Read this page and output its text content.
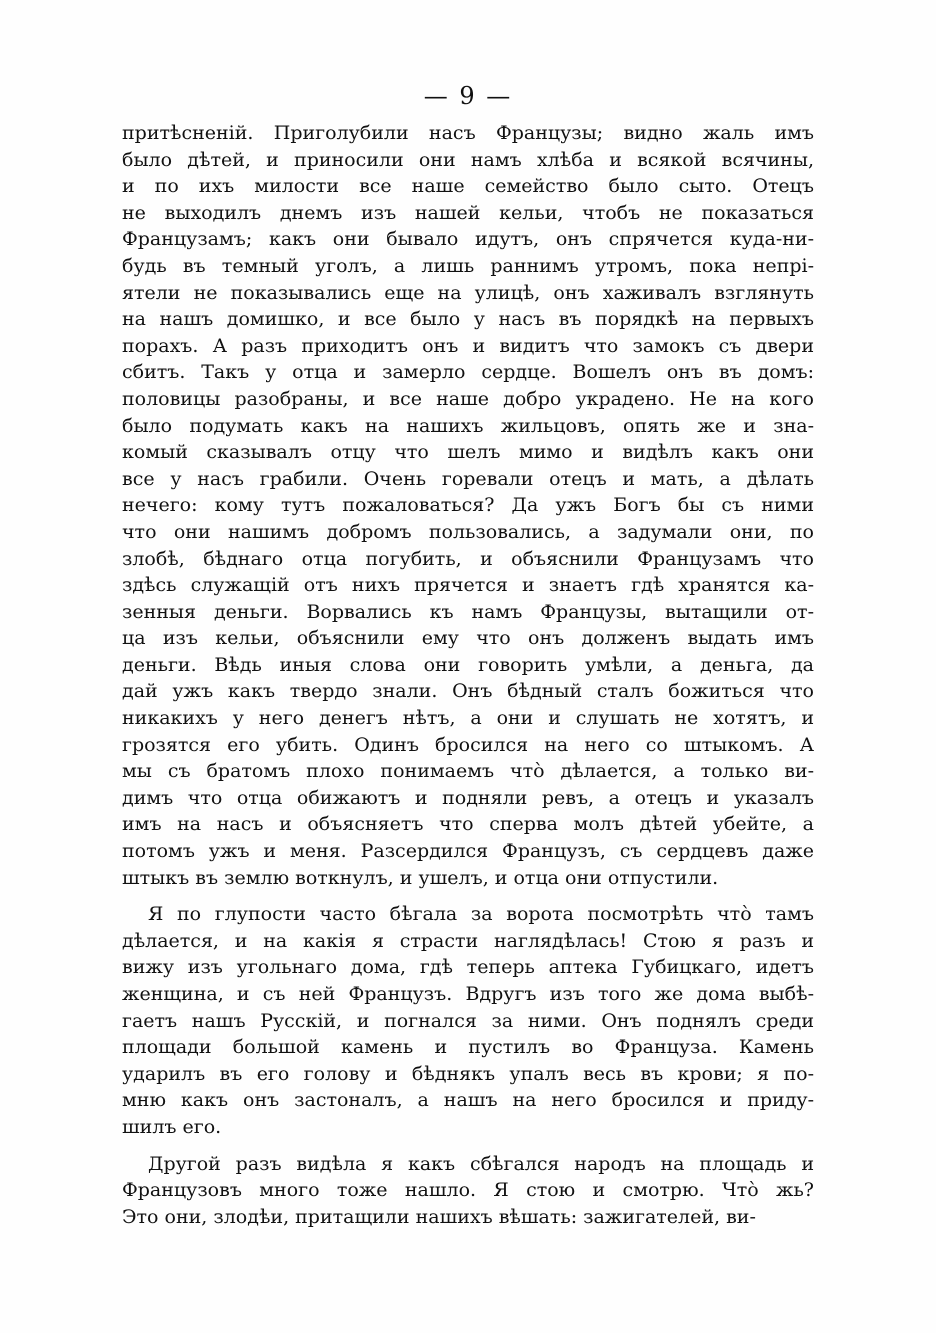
— 9 —
притѣсненій. Приголубили насъ Французы; видно жаль имъ
было дѣтей, и приносили они намъ хлѣба и всякой всячины,
и по ихъ милости все наше семейство было сыто. Отецъ
не выходилъ днемъ изъ нашей кельи, чтобъ не показаться
Французамъ; какъ они бывало идутъ, онъ спрячется куда-ни-
будь въ темный уголъ, а лишь раннимъ утромъ, пока непрі-
ятели не показывались еще на улицѣ, онъ хаживалъ взглянуть
на нашъ домишко, и все было у насъ въ порядкѣ на первыхъ
порахъ. А разъ приходитъ онъ и видитъ что замокъ съ двери
сбитъ. Такъ у отца и замерло сердце. Вошелъ онъ въ домъ:
половицы разобраны, и все наше добро украдено. Не на кого
было подумать какъ на нашихъ жильцовъ, опять же и зна-
комый сказывалъ отцу что шелъ мимо и видѣлъ какъ они
все у насъ грабили. Очень горевали отецъ и мать, а дѣлать
нечего: кому тутъ пожаловаться? Да ужъ Богъ бы съ ними
что они нашимъ добромъ пользовались, а задумали они, по
злобѣ, бѣднаго отца погубить, и объяснили Французамъ что
здѣсь служащій отъ нихъ прячется и знаетъ гдѣ хранятся ка-
зенныя деньги. Ворвались къ намъ Французы, вытащили от-
ца изъ кельи, объяснили ему что онъ долженъ выдать имъ
деньги. Вѣдь иныя слова они говорить умѣли, а деньга, да
дай ужъ какъ твердо знали. Онъ бѣдный сталъ божиться что
никакихъ у него денегъ нѣтъ, а они и слушать не хотятъ, и
грозятся его убить. Одинъ бросился на него со штыкомъ. А
мы съ братомъ плохо понимаемъ что̀ дѣлается, а только ви-
димъ что отца обижаютъ и подняли ревъ, а отецъ и указалъ
имъ на насъ и объясняетъ что сперва молъ дѣтей убейте, а
потомъ ужъ и меня. Разсердился Французъ, съ сердцевъ даже
штыкъ въ землю воткнулъ, и ушелъ, и отца они отпустили.
Я по глупости часто бѣгала за ворота посмотрѣть что̀ тамъ
дѣлается, и на какія я страсти наглядѣлась! Стою я разъ и
вижу изъ угольнаго дома, гдѣ теперь аптека Губицкаго, идетъ
женщина, и съ ней Французъ. Вдругъ изъ того же дома выбѣ-
гаетъ нашъ Русскій, и погнался за ними. Онъ поднялъ среди
площади большой камень и пустилъ во Француза. Камень
ударилъ въ его голову и бѣднякъ упалъ весь въ крови; я по-
мню какъ онъ застоналъ, а нашъ на него бросился и приду-
шилъ его.
Другой разъ видѣла я какъ сбѣгался народъ на площадь и
Французовъ много тоже нашло. Я стою и смотрю. Что̀ жь?
Это они, злодѣи, притащили нашихъ вѣшать: зажигателей, ви-
